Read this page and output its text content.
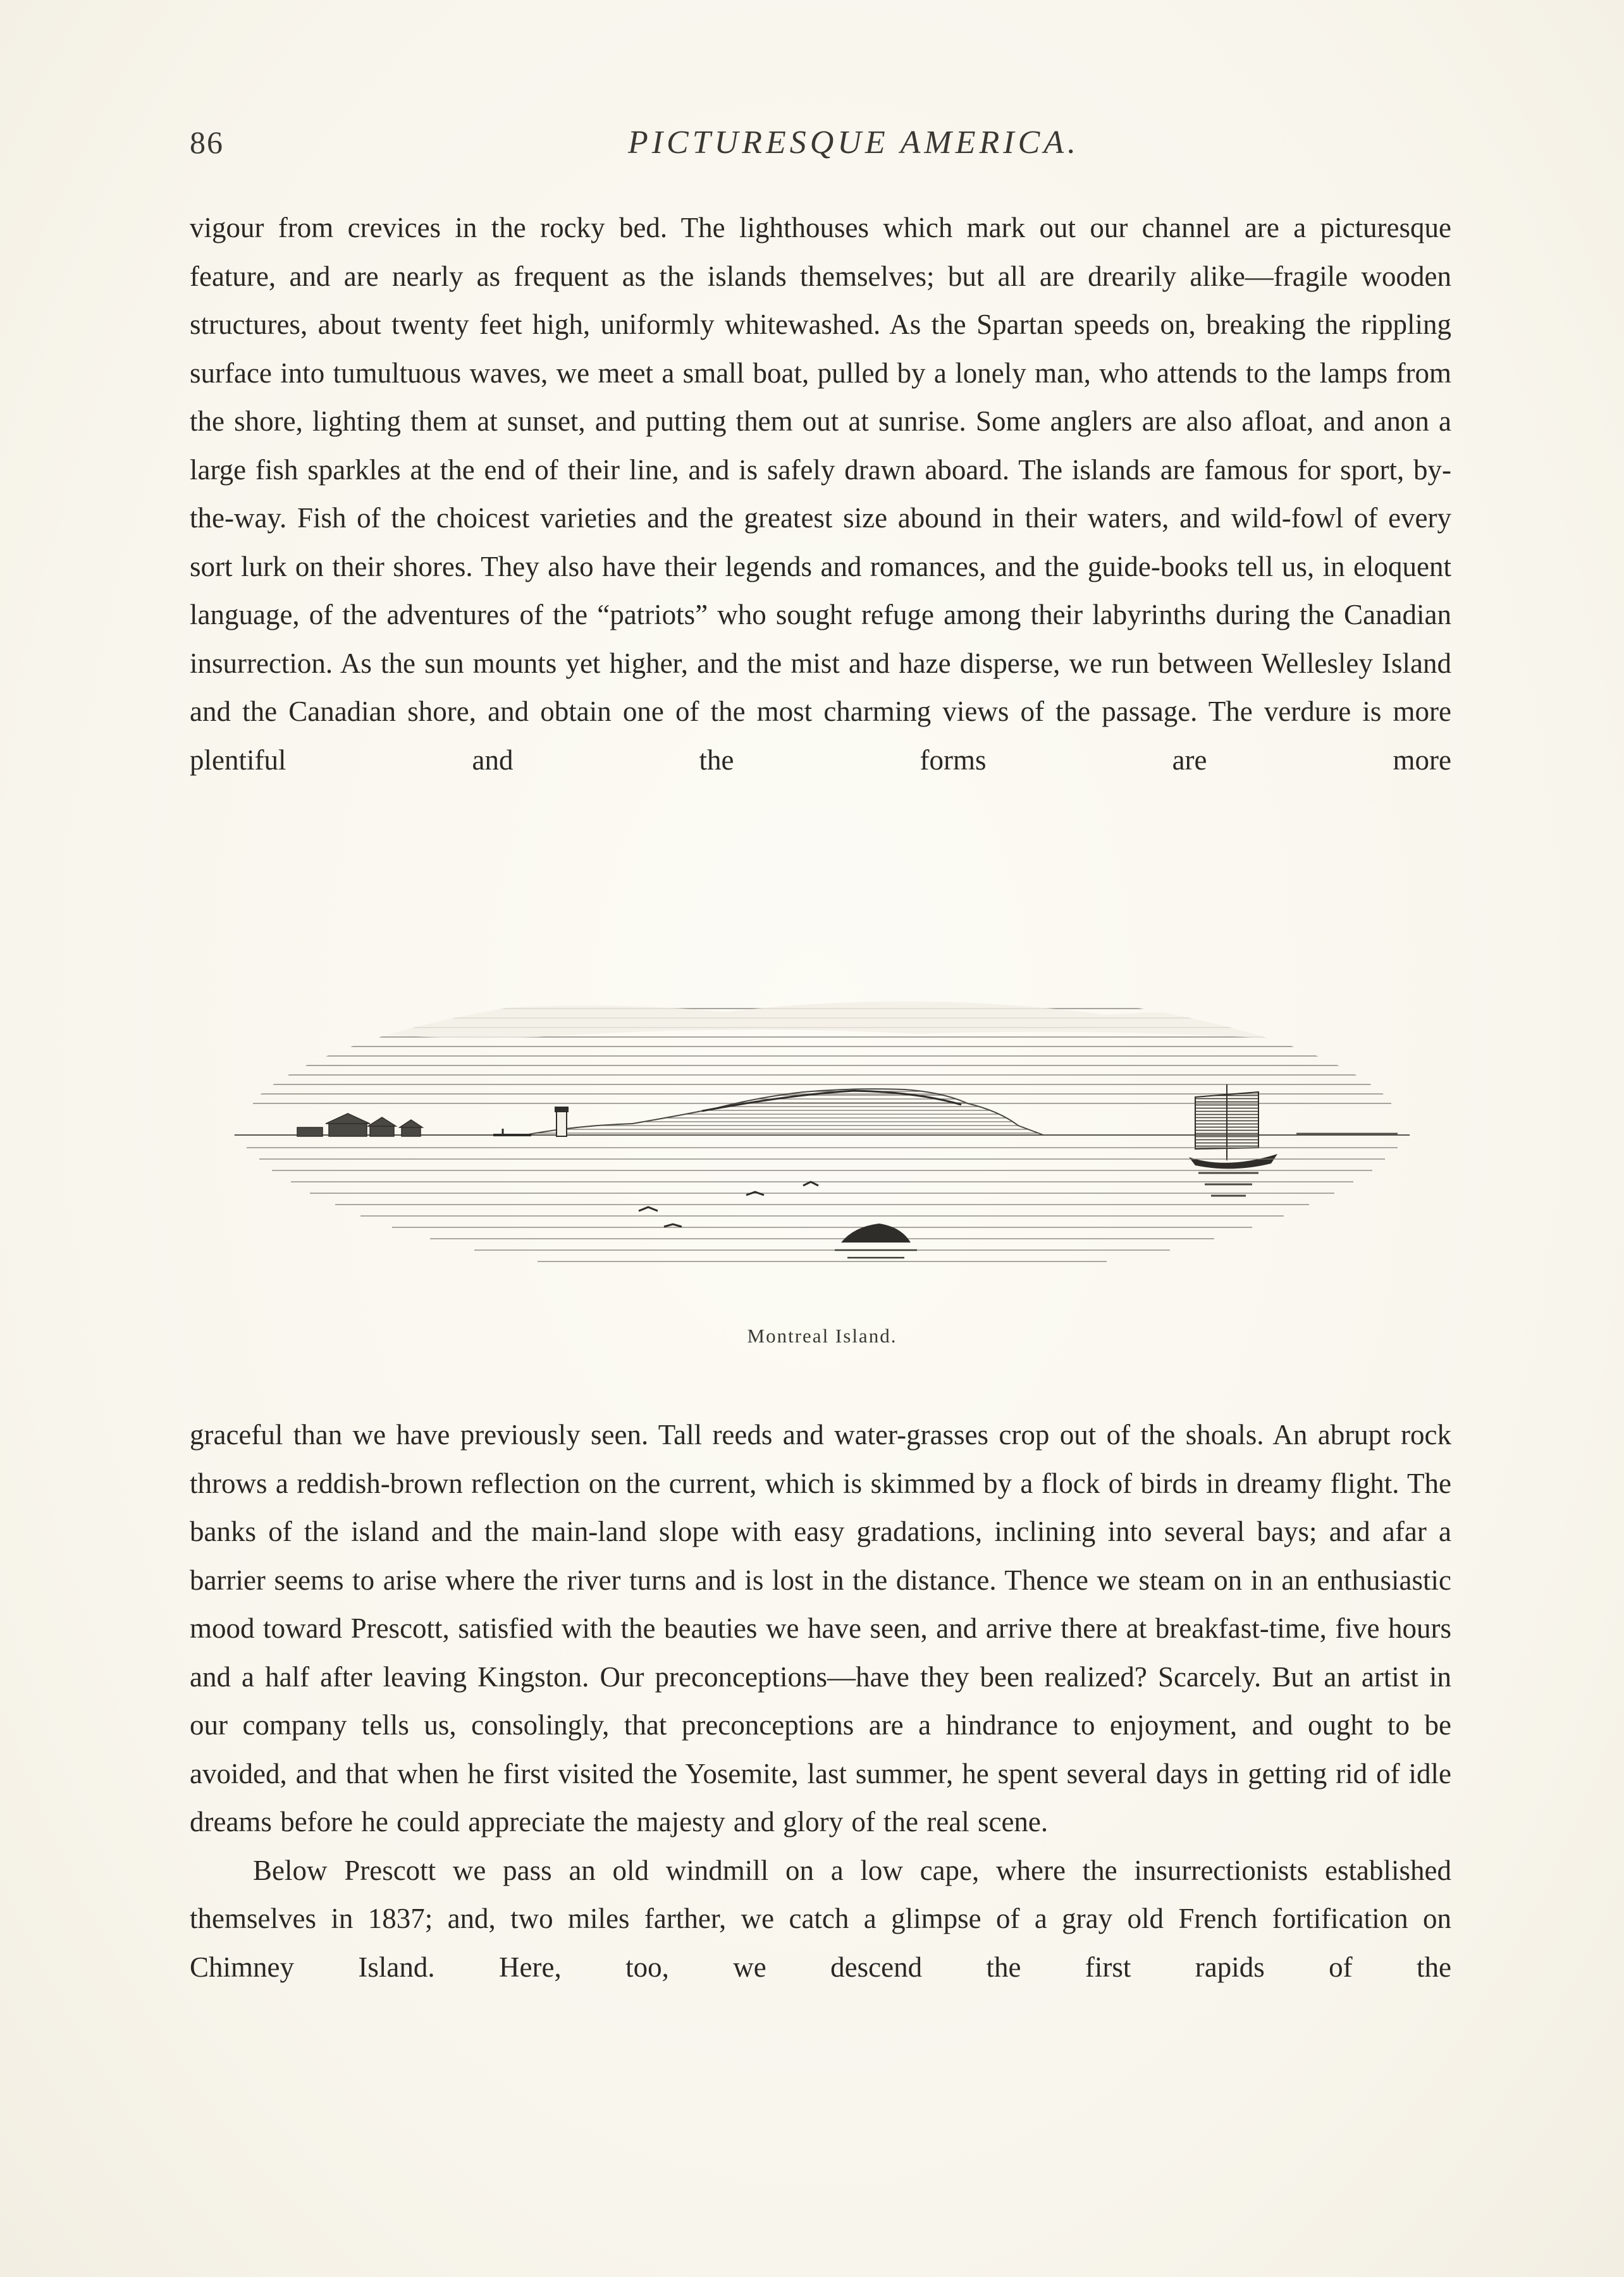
86	PICTURESQUE AMERICA.

vigour from crevices in the rocky bed. The lighthouses which mark out our channel are a picturesque feature, and are nearly as frequent as the islands themselves; but all are drearily alike—fragile wooden structures, about twenty feet high, uniformly whitewashed. As the Spartan speeds on, breaking the rippling surface into tumultuous waves, we meet a small boat, pulled by a lonely man, who attends to the lamps from the shore, lighting them at sunset, and putting them out at sunrise. Some anglers are also afloat, and anon a large fish sparkles at the end of their line, and is safely drawn aboard. The islands are famous for sport, by-the-way. Fish of the choicest varieties and the greatest size abound in their waters, and wild-fowl of every sort lurk on their shores. They also have their legends and romances, and the guide-books tell us, in eloquent language, of the adventures of the “patriots” who sought refuge among their labyrinths during the Canadian insurrection. As the sun mounts yet higher, and the mist and haze disperse, we run between Wellesley Island and the Canadian shore, and obtain one of the most charming views of the passage. The verdure is more plentiful and the forms are more

Montreal Island.

graceful than we have previously seen. Tall reeds and water-grasses crop out of the shoals. An abrupt rock throws a reddish-brown reflection on the current, which is skimmed by a flock of birds in dreamy flight. The banks of the island and the main-land slope with easy gradations, inclining into several bays; and afar a barrier seems to arise where the river turns and is lost in the distance. Thence we steam on in an enthusiastic mood toward Prescott, satisfied with the beauties we have seen, and arrive there at breakfast-time, five hours and a half after leaving Kingston. Our preconceptions—have they been realized? Scarcely. But an artist in our company tells us, consolingly, that preconceptions are a hindrance to enjoyment, and ought to be avoided, and that when he first visited the Yosemite, last summer, he spent several days in getting rid of idle dreams before he could appreciate the majesty and glory of the real scene.

Below Prescott we pass an old windmill on a low cape, where the insurrectionists established themselves in 1837; and, two miles farther, we catch a glimpse of a gray old French fortification on Chimney Island. Here, too, we descend the first rapids of the
